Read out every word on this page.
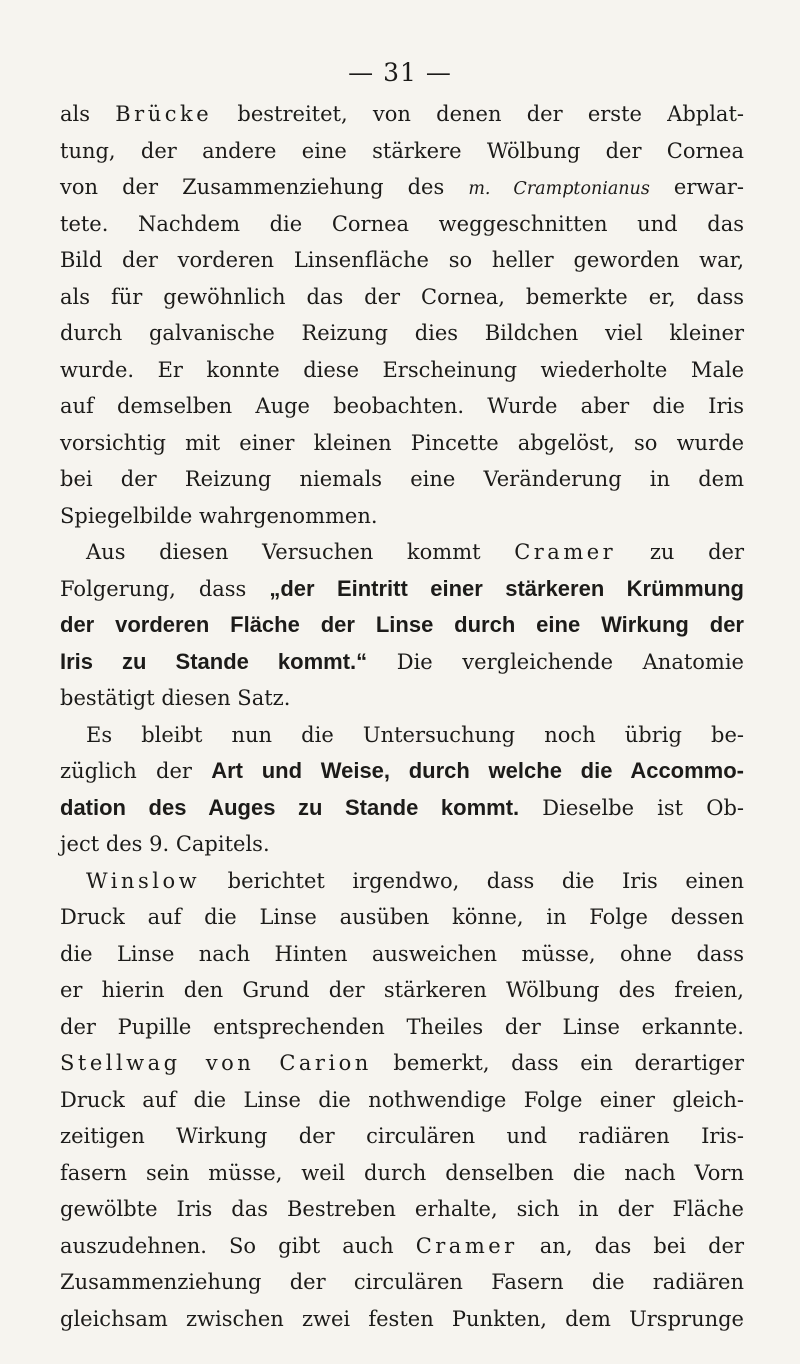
— 31 —
als Brücke bestreitet, von denen der erste Abplat-
tung, der andere eine stärkere Wölbung der Cornea
von der Zusammenziehung des m. Cramptonianus erwar-
tete. Nachdem die Cornea weggeschnitten und das
Bild der vorderen Linsenfläche so heller geworden war,
als für gewöhnlich das der Cornea, bemerkte er, dass
durch galvanische Reizung dies Bildchen viel kleiner
wurde. Er konnte diese Erscheinung wiederholte Male
auf demselben Auge beobachten. Wurde aber die Iris
vorsichtig mit einer kleinen Pincette abgelöst, so wurde
bei der Reizung niemals eine Veränderung in dem
Spiegelbilde wahrgenommen.
Aus diesen Versuchen kommt Cramer zu der
Folgerung, dass „der Eintritt einer stärkeren Krümmung
der vorderen Fläche der Linse durch eine Wirkung der
Iris zu Stande kommt.“ Die vergleichende Anatomie
bestätigt diesen Satz.
Es bleibt nun die Untersuchung noch übrig be-
züglich der Art und Weise, durch welche die Accommo-
dation des Auges zu Stande kommt. Dieselbe ist Ob-
ject des 9. Capitels.
Winslow berichtet irgendwo, dass die Iris einen
Druck auf die Linse ausüben könne, in Folge dessen
die Linse nach Hinten ausweichen müsse, ohne dass
er hierin den Grund der stärkeren Wölbung des freien,
der Pupille entsprechenden Theiles der Linse erkannte.
Stellwag von Carion bemerkt, dass ein derartiger
Druck auf die Linse die nothwendige Folge einer gleich-
zeitigen Wirkung der circulären und radiären Iris-
fasern sein müsse, weil durch denselben die nach Vorn
gewölbte Iris das Bestreben erhalte, sich in der Fläche
auszudehnen. So gibt auch Cramer an, das bei der
Zusammenziehung der circulären Fasern die radiären
gleichsam zwischen zwei festen Punkten, dem Ursprunge
